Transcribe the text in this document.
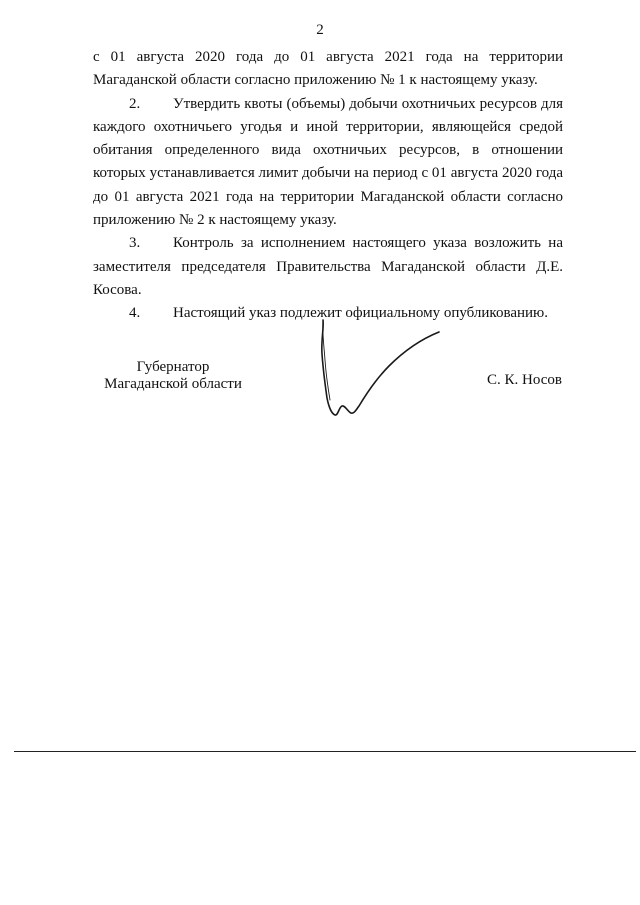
2

с 01 августа 2020 года до 01 августа 2021 года на территории Магаданской области согласно приложению № 1 к настоящему указу.

2. Утвердить квоты (объемы) добычи охотничьих ресурсов для каждого охотничьего угодья и иной территории, являющейся средой обитания определенного вида охотничьих ресурсов, в отношении которых устанавливается лимит добычи на период с 01 августа 2020 года до 01 августа 2021 года на территории Магаданской области согласно приложению № 2 к настоящему указу.

3. Контроль за исполнением настоящего указа возложить на заместителя председателя Правительства Магаданской области Д.Е. Косова.

4. Настоящий указ подлежит официальному опубликованию.

Губернатор
Магаданской области	С. К. Носов
